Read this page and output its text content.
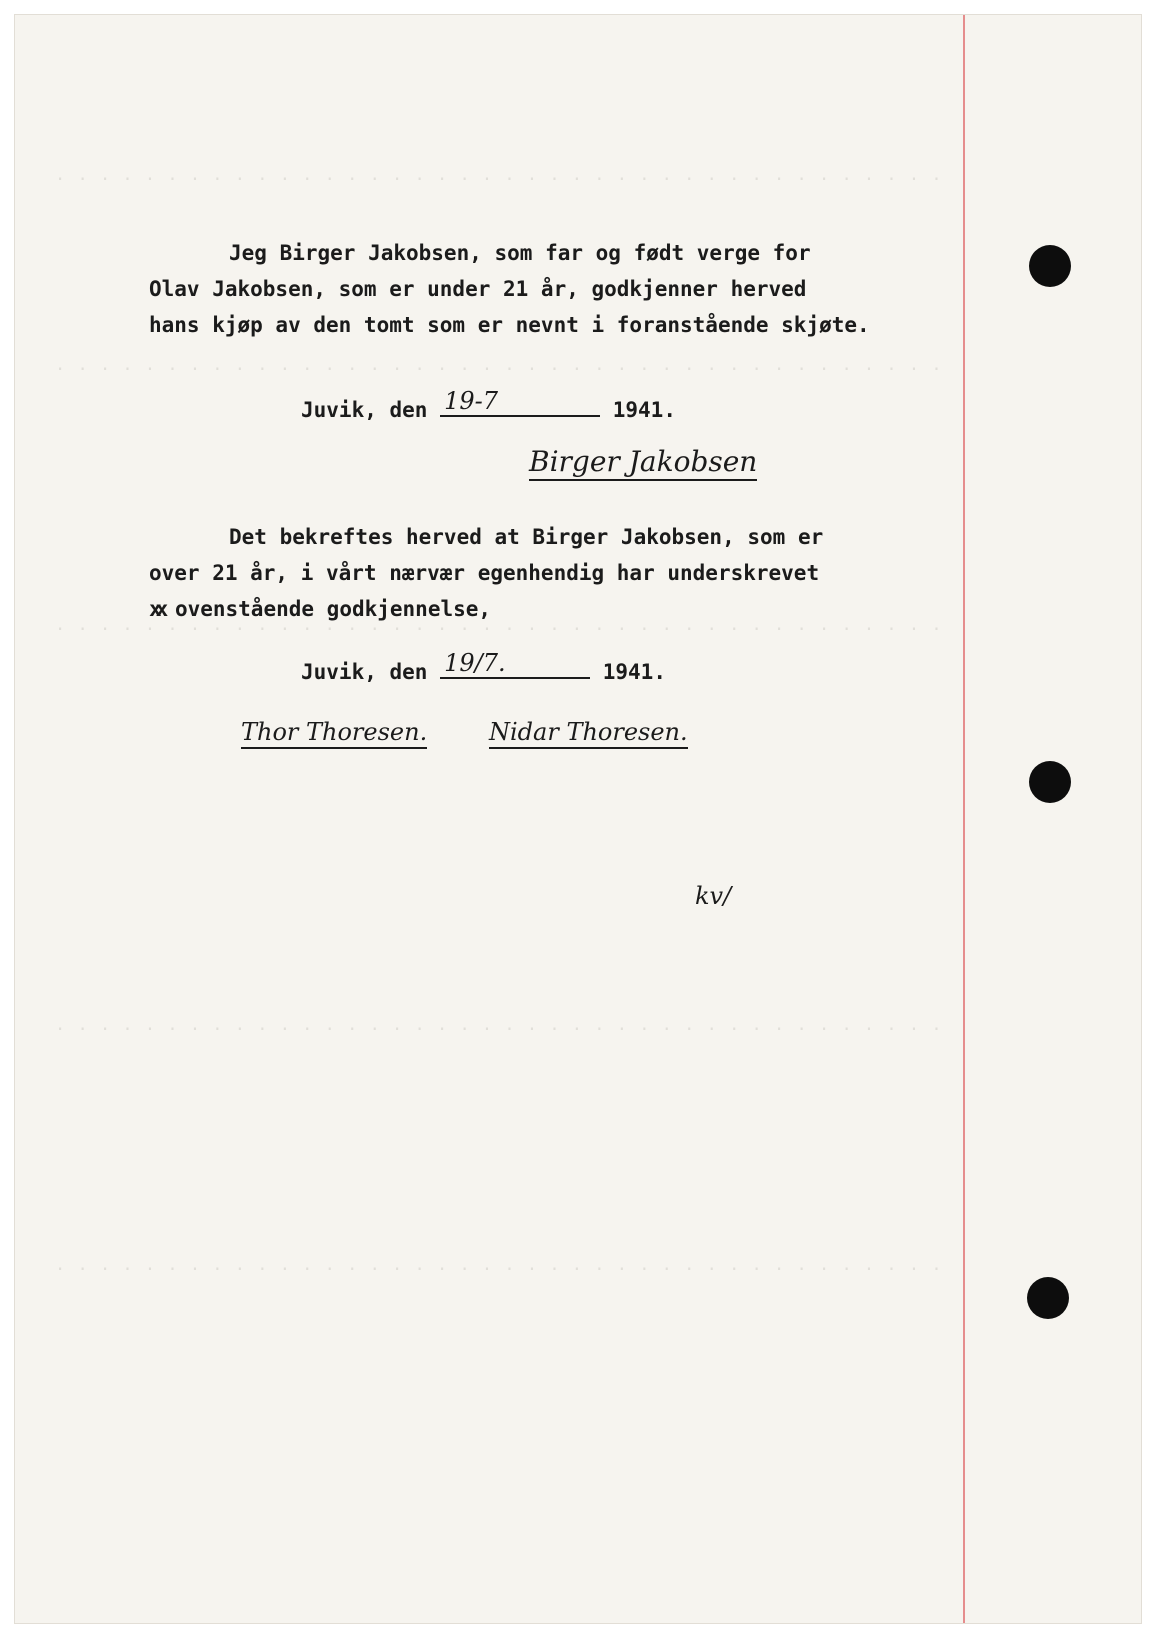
. . . . . . . . . . . . . . . . . . . . . . . . . . . . . . . . . . . . . . . .
. . . . . . . . . . . . . . . . . . . . . . . . . . . . . . . . . . . . . . . .
. . . . . . . . . . . . . . . . . . . . . . . . . . . . . . . . . . . . . . . .
. . . . . . . . . . . . . . . . . . . . . . . . . . . . . . . . . . . . . . . .
. . . . . . . . . . . . . . . . . . . . . . . . . . . . . . . . . . . . . . . .
Jeg Birger Jakobsen, som far og født verge for
Olav Jakobsen, som er under 21 år, godkjenner herved
hans kjøp av den tomt som er nevnt i foranstående skjøte.
Juvik, den 19-7	1941.
Birger Jakobsen
Det bekreftes herved at Birger Jakobsen, som er
over 21 år, i vårt nærvær egenhendig har underskrevet
xx ovenstående godkjennelse,
Juvik, den 19/7.	1941.
Thor Thoresen.	Nidar Thoresen.
kv/
